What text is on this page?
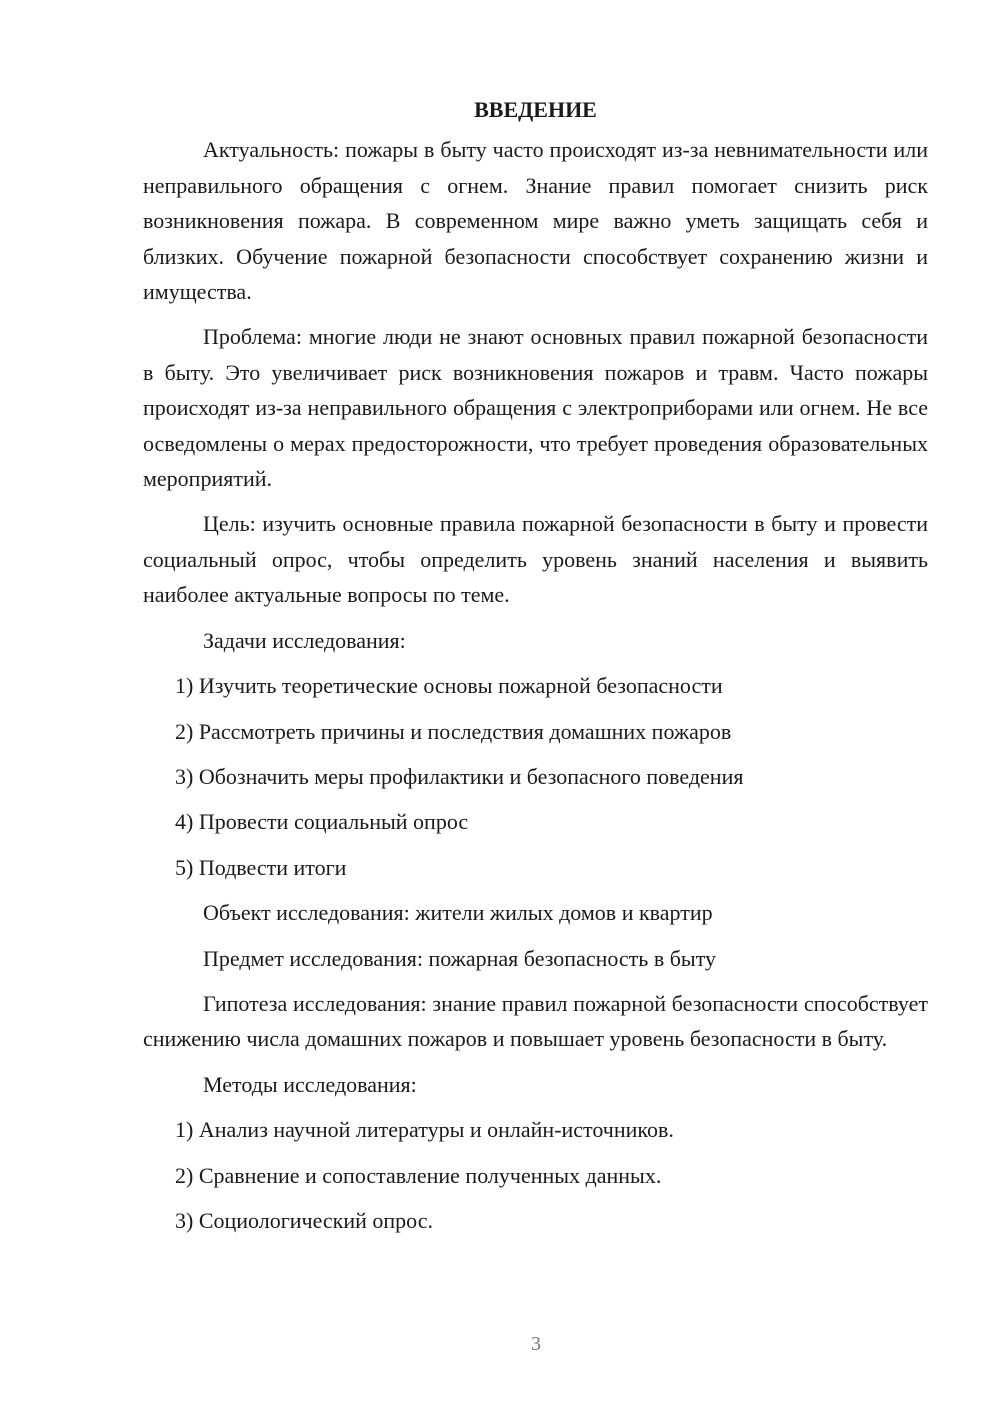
ВВЕДЕНИЕ

Актуальность: пожары в быту часто происходят из-за невнимательности или неправильного обращения с огнем. Знание правил помогает снизить риск возникновения пожара. В современном мире важно уметь защищать себя и близких. Обучение пожарной безопасности способствует сохранению жизни и имущества.

Проблема: многие люди не знают основных правил пожарной безопасности в быту. Это увеличивает риск возникновения пожаров и травм. Часто пожары происходят из-за неправильного обращения с электроприборами или огнем. Не все осведомлены о мерах предосторожности, что требует проведения образовательных мероприятий.

Цель: изучить основные правила пожарной безопасности в быту и провести социальный опрос, чтобы определить уровень знаний населения и выявить наиболее актуальные вопросы по теме.

Задачи исследования:
1) Изучить теоретические основы пожарной безопасности
2) Рассмотреть причины и последствия домашних пожаров
3) Обозначить меры профилактики и безопасного поведения
4) Провести социальный опрос
5) Подвести итоги
Объект исследования: жители жилых домов и квартир
Предмет исследования: пожарная безопасность в быту

Гипотеза исследования: знание правил пожарной безопасности способствует снижению числа домашних пожаров и повышает уровень безопасности в быту.

Методы исследования:
1) Анализ научной литературы и онлайн-источников.
2) Сравнение и сопоставление полученных данных.
3) Социологический опрос.
3
